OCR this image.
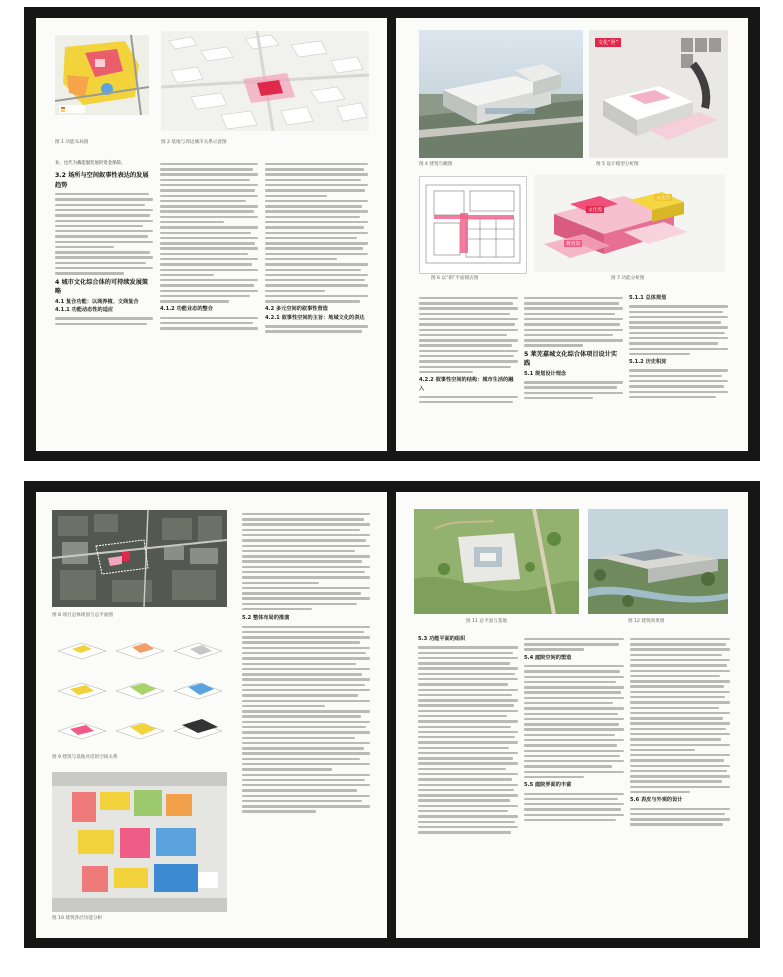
图 1 功能布局图	图 2 基地与周边城市关系示意图
业、也代为戴能服装展的资金保障。
3.2 场所与空间叙事性表达的发展趋势
4 城市文化综合体的可持续发展策略
4.1 复合功能：以商养植、文商复合
4.1.1 功能动态性的适应	4.1.2 功能业态的整合	4.2 多元空间的叙事性营造
4.2.1 叙事性空间的主旨：地域文化的表达
图 4 建筑鸟瞰图
文化“匣”
图 5 设计模型分析图
图 6 以“街”平面模式图
文化馆
文化厅
教育馆
图 7 功能分析图
4.2.2 叙事性空间的结构：城市生活的融入
5 莱芜嘉城文化综合体项目设计实践
5.1 规划设计理念
5.1.1 总体规划
5.1.2 历史积淀
图 8 项目总体规划与总平面图
图 9 建筑与基地对话的空间关系
图 10 建筑各层功能分析
5.2 整体布局的推演
图 11 总平面与基地	图 12 建筑效果图
5.3 功能平面的组织
5.4 庭院空间的塑造
5.5 庭院界面的丰富
5.6 表皮与外观的设计
